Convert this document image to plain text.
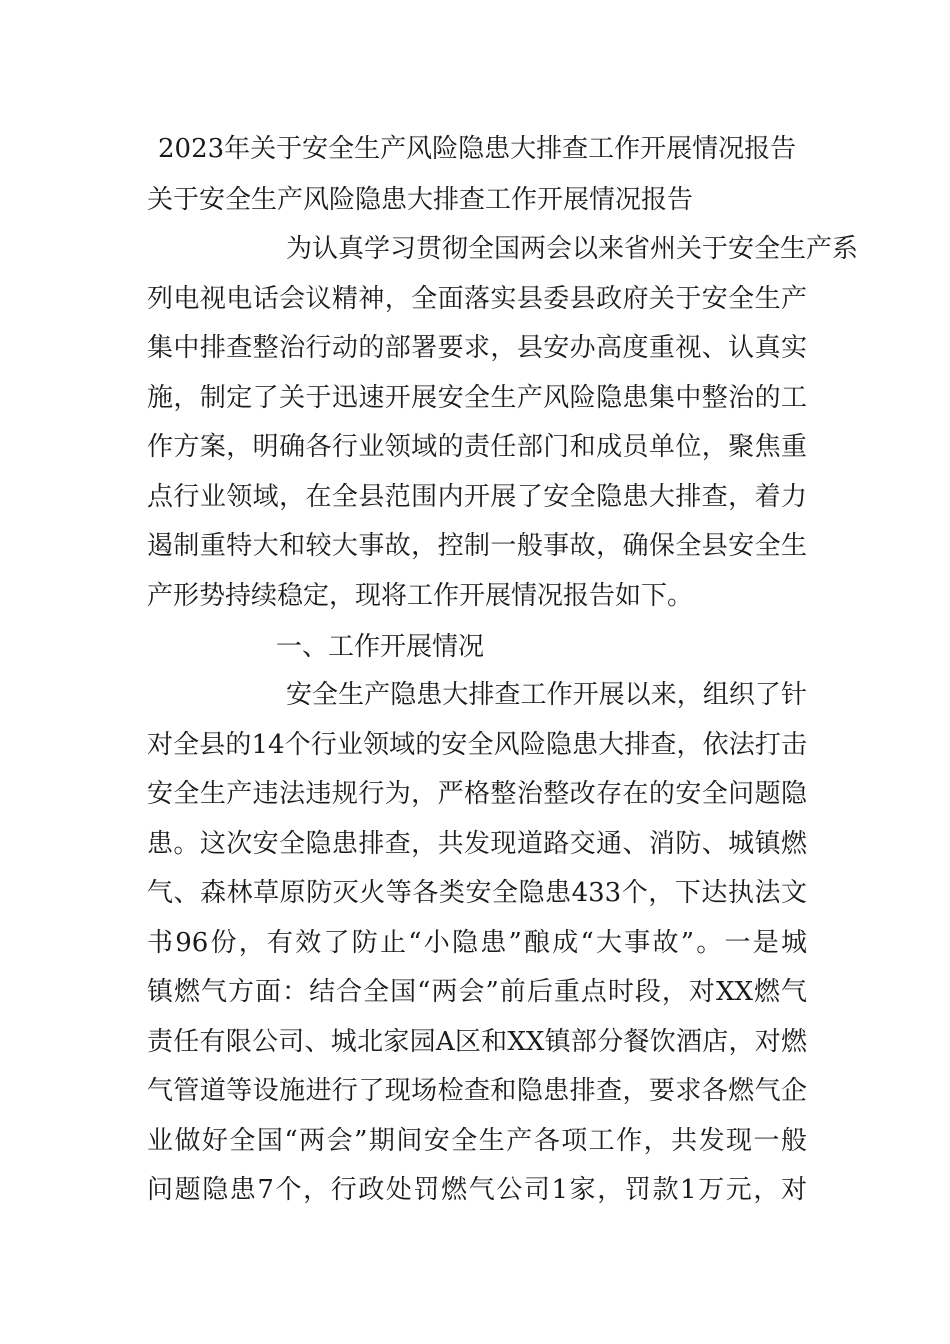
2023年关于安全生产风险隐患大排查工作开展情况报告
关于安全生产风险隐患大排查工作开展情况报告
为认真学习贯彻全国两会以来省州关于安全生产系
列电视电话会议精神，全面落实县委县政府关于安全生产
集中排查整治行动的部署要求，县安办高度重视、认真实
施，制定了关于迅速开展安全生产风险隐患集中整治的工
作方案，明确各行业领域的责任部门和成员单位，聚焦重
点行业领域，在全县范围内开展了安全隐患大排查，着力
遏制重特大和较大事故，控制一般事故，确保全县安全生
产形势持续稳定，现将工作开展情况报告如下。
一、工作开展情况
安全生产隐患大排查工作开展以来，组织了针
对全县的14个行业领域的安全风险隐患大排查，依法打击
安全生产违法违规行为，严格整治整改存在的安全问题隐
患。这次安全隐患排查，共发现道路交通、消防、城镇燃
气、森林草原防灭火等各类安全隐患433个，下达执法文
书96份，有效了防止“小隐患”酿成“大事故”。一是城
镇燃气方面：结合全国“两会”前后重点时段，对XX燃气
责任有限公司、城北家园A区和XX镇部分餐饮酒店，对燃
气管道等设施进行了现场检查和隐患排查，要求各燃气企
业做好全国“两会”期间安全生产各项工作，共发现一般
问题隐患7个，行政处罚燃气公司1家，罚款1万元，对
